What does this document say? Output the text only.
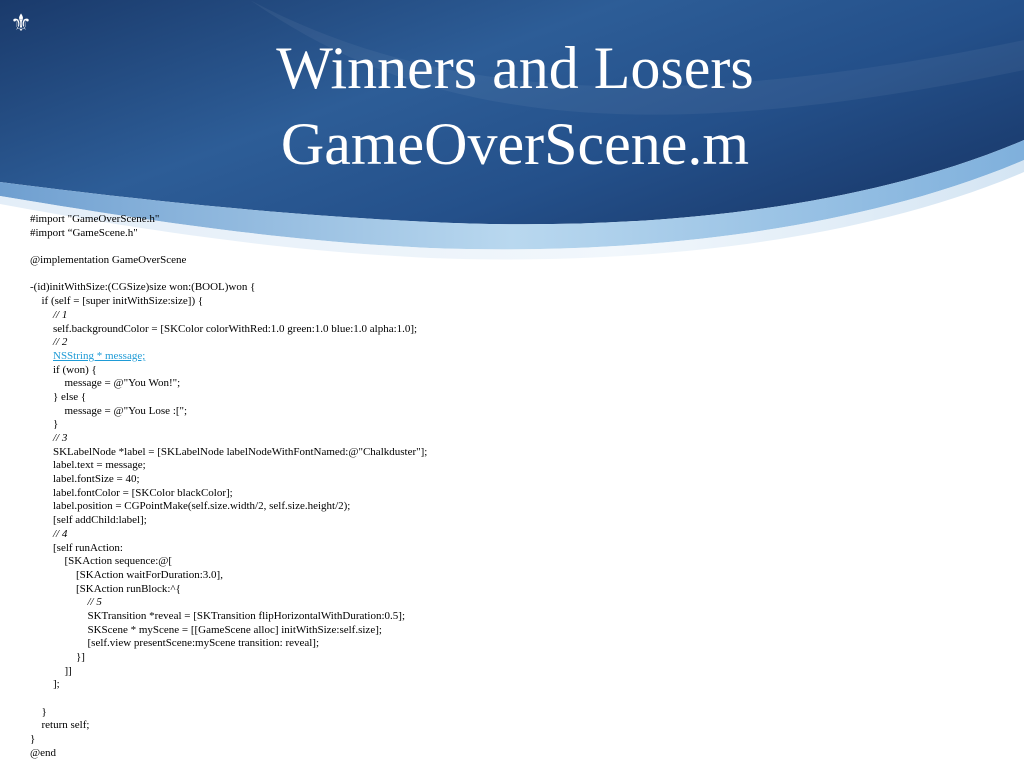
⚜
Winners and Losers
GameOverScene.m
#import "GameOverScene.h"
#import “GameScene.h"
@implementation GameOverScene
-(id)initWithSize:(CGSize)size won:(BOOL)won {
if (self = [super initWithSize:size]) {
// 1
self.backgroundColor = [SKColor colorWithRed:1.0 green:1.0 blue:1.0 alpha:1.0];
// 2
NSString * message;
if (won) {
message = @"You Won!";
} else {
message = @"You Lose :[";
}
// 3
SKLabelNode *label = [SKLabelNode labelNodeWithFontNamed:@"Chalkduster"];
label.text = message;
label.fontSize = 40;
label.fontColor = [SKColor blackColor];
label.position = CGPointMake(self.size.width/2, self.size.height/2);
[self addChild:label];
// 4
[self runAction:
[SKAction sequence:@[
[SKAction waitForDuration:3.0],
[SKAction runBlock:^{
// 5
SKTransition *reveal = [SKTransition flipHorizontalWithDuration:0.5];
SKScene * myScene = [[GameScene alloc] initWithSize:self.size];
[self.view presentScene:myScene transition: reveal];
}]
]]
];
}
return self;
}
@end
